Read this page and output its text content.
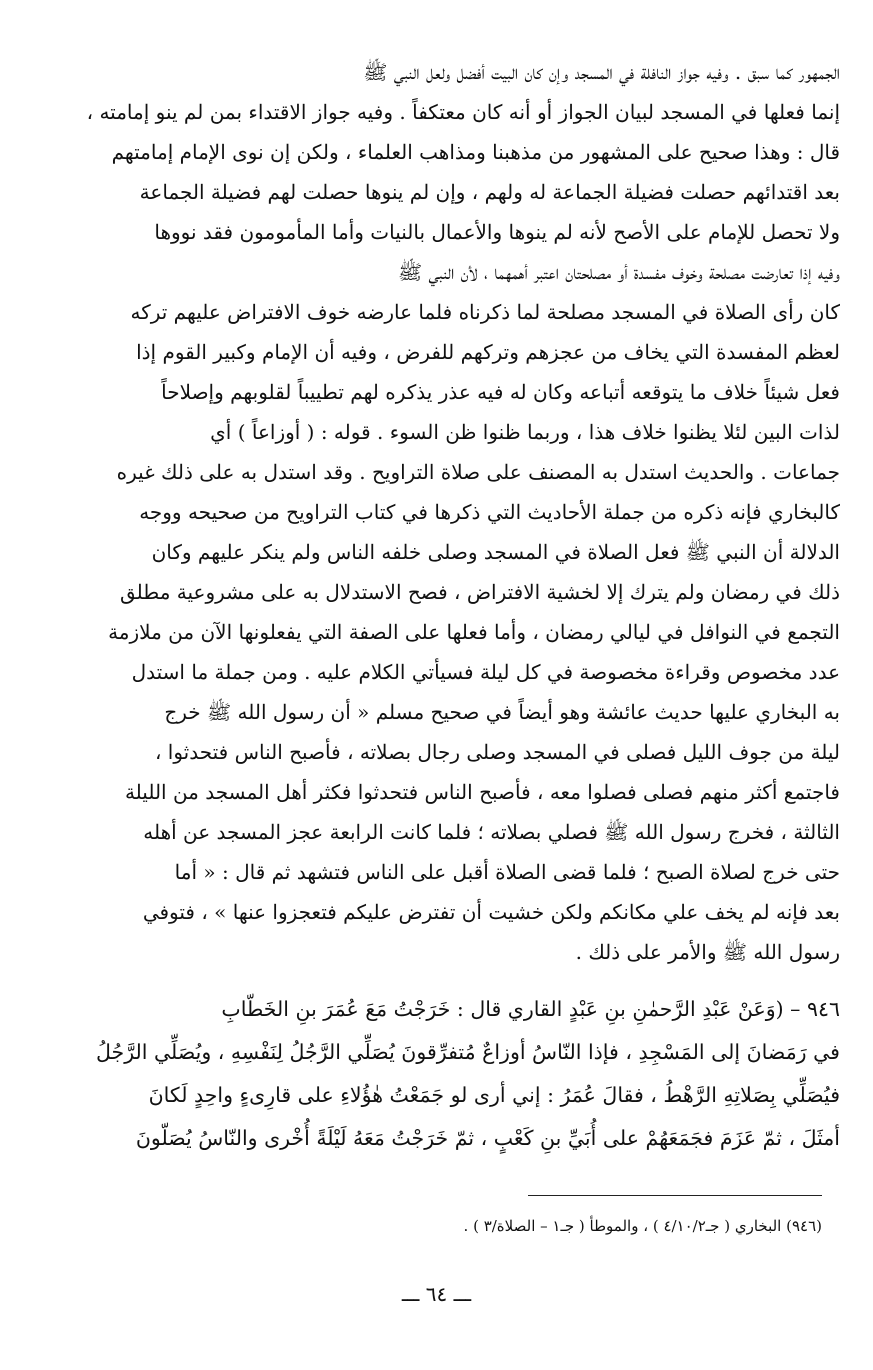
الجمهور كما سبق . وفيه جواز النافلة في المسجد وإن كان البيت أفضل ولعل النبي ﷺ
إنما فعلها في المسجد لبيان الجواز أو أنه كان معتكفاً . وفيه جواز الاقتداء بمن لم ينو إمامته ،
قال : وهذا صحيح على المشهور من مذهبنا ومذاهب العلماء ، ولكن إن نوى الإمام إمامتهم
بعد اقتدائهم حصلت فضيلة الجماعة له ولهم ، وإن لم ينوها حصلت لهم فضيلة الجماعة
ولا تحصل للإمام على الأصح لأنه لم ينوها والأعمال بالنيات وأما المأمومون فقد نووها
وفيه إذا تعارضت مصلحة وخوف مفسدة أو مصلحتان اعتبر أهمهما ، لأن النبي ﷺ
كان رأى الصلاة في المسجد مصلحة لما ذكرناه فلما عارضه خوف الافتراض عليهم تركه
لعظم المفسدة التي يخاف من عجزهم وتركهم للفرض ، وفيه أن الإمام وكبير القوم إذا
فعل شيئاً خلاف ما يتوقعه أتباعه وكان له فيه عذر يذكره لهم تطييباً لقلوبهم وإصلاحاً
لذات البين لئلا يظنوا خلاف هذا ، وربما ظنوا ظن السوء . قوله : ( أوزاعاً ) أي
جماعات . والحديث استدل به المصنف على صلاة التراويح . وقد استدل به على ذلك غيره
كالبخاري فإنه ذكره من جملة الأحاديث التي ذكرها في كتاب التراويح من صحيحه ووجه
الدلالة أن النبي ﷺ فعل الصلاة في المسجد وصلى خلفه الناس ولم ينكر عليهم وكان
ذلك في رمضان ولم يترك إلا لخشية الافتراض ، فصح الاستدلال به على مشروعية مطلق
التجمع في النوافل في ليالي رمضان ، وأما فعلها على الصفة التي يفعلونها الآن من ملازمة
عدد مخصوص وقراءة مخصوصة في كل ليلة فسيأتي الكلام عليه . ومن جملة ما استدل
به البخاري عليها حديث عائشة وهو أيضاً في صحيح مسلم « أن رسول الله ﷺ خرج
ليلة من جوف الليل فصلى في المسجد وصلى رجال بصلاته ، فأصبح الناس فتحدثوا ،
فاجتمع أكثر منهم فصلى فصلوا معه ، فأصبح الناس فتحدثوا فكثر أهل المسجد من الليلة
الثالثة ، فخرج رسول الله ﷺ فصلي بصلاته ؛ فلما كانت الرابعة عجز المسجد عن أهله
حتى خرج لصلاة الصبح ؛ فلما قضى الصلاة أقبل على الناس فتشهد ثم قال : « أما
بعد فإنه لم يخف علي مكانكم ولكن خشيت أن تفترض عليكم فتعجزوا عنها » ، فتوفي
رسول الله ﷺ والأمر على ذلك .
٩٤٦ – (وَعَنْ عَبْدِ الرَّحمٰنِ بنِ عَبْدٍ القاري قال : خَرَجْتُ مَعَ عُمَرَ بنِ الخَطّابِ
في رَمَضانَ إلى المَسْجِدِ ، فإذا النّاسُ أوزاعٌ مُتفرِّقونَ يُصَلِّي الرَّجُلُ لِنَفْسِهِ ، ويُصَلِّي الرَّجُلُ
فيُصَلِّي بِصَلاتِهِ الرَّهْطُ ، فقالَ عُمَرُ : إني أرى لو جَمَعْتُ هٰؤُلاءِ على قارِىءٍ واحِدٍ لَكانَ
أمثَلَ ، ثمّ عَزَمَ فجَمَعَهُمْ على أُبَيِّ بنِ كَعْبٍ ، ثمّ خَرَجْتُ مَعَهُ لَيْلَةً أُخْرى والنّاسُ يُصَلّونَ
(٩٤٦) البخاري ( جـ٤/١٠/٢ ) ، والموطأ ( جـ١ – الصلاة/٣ ) .
ـــ ٦٤ ـــ
